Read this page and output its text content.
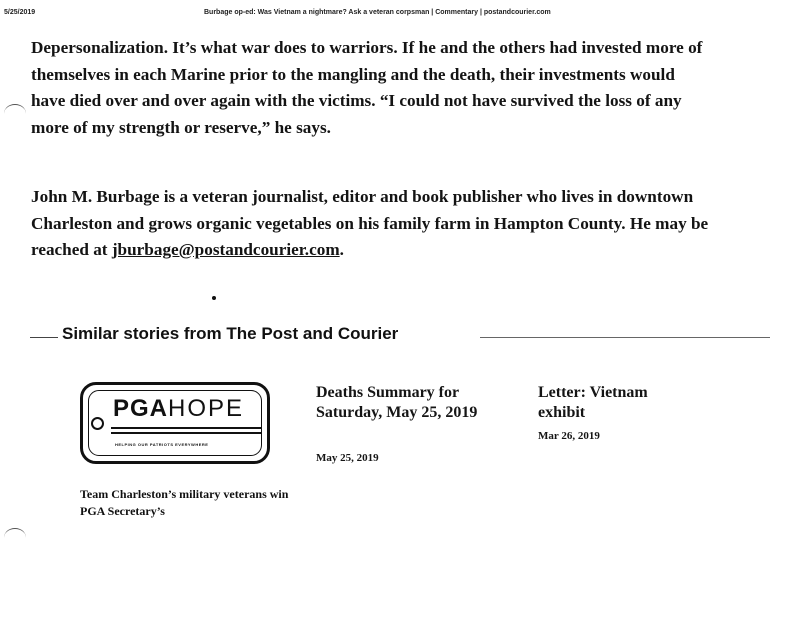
5/25/2019	Burbage op-ed: Was Vietnam a nightmare? Ask a veteran corpsman | Commentary | postandcourier.com

Depersonalization. It’s what war does to warriors. If he and the others had invested more of
themselves in each Marine prior to the mangling and the death, their investments would
have died over and over again with the victims. “I could not have survived the loss of any
more of my strength or reserve,” he says.

John M. Burbage is a veteran journalist, editor and book publisher who lives in downtown
Charleston and grows organic vegetables on his family farm in Hampton County. He may be
reached at jburbage@postandcourier.com.

Similar stories from The Post and Courier
PGAHOPE
HELPING OUR PATRIOTS EVERYWHERE
Team Charleston’s military veterans win PGA Secretary’s
Deaths Summary for Saturday, May 25, 2019
May 25, 2019
Letter: Vietnam exhibit
Mar 26, 2019
